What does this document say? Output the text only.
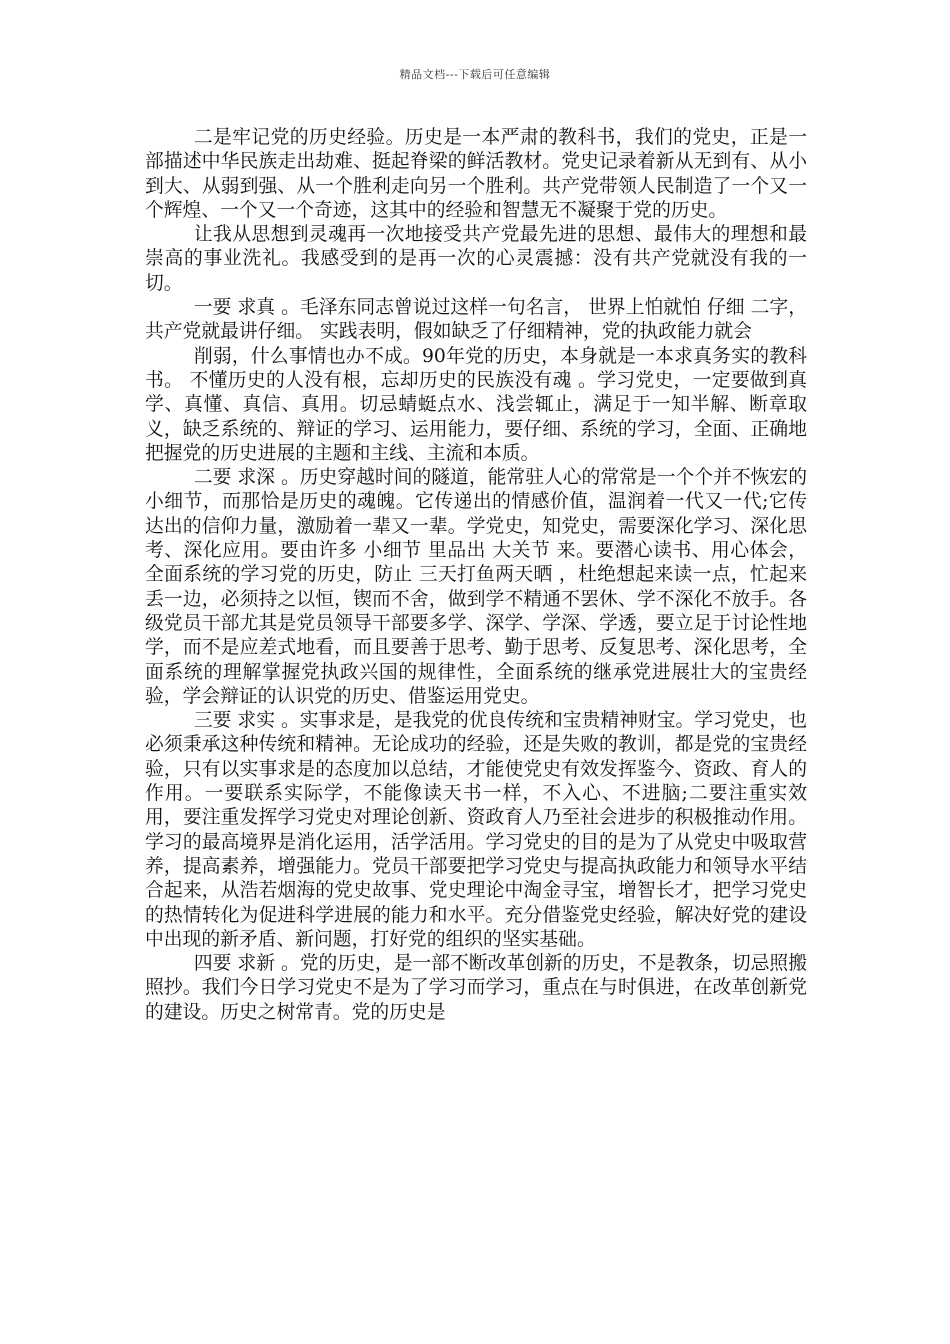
精品文档---下载后可任意编辑

二是牢记党的历史经验。历史是一本严肃的教科书，我们的党史，正是一部描述中华民族走出劫难、挺起脊梁的鲜活教材。党史记录着新从无到有、从小到大、从弱到强、从一个胜利走向另一个胜利。共产党带领人民制造了一个又一个辉煌、一个又一个奇迹，这其中的经验和智慧无不凝聚于党的历史。

让我从思想到灵魂再一次地接受共产党最先进的思想、最伟大的理想和最崇高的事业洗礼。我感受到的是再一次的心灵震撼：没有共产党就没有我的一切。

一要 求真 。毛泽东同志曾说过这样一句名言， 世界上怕就怕 仔细 二字，共产党就最讲仔细。 实践表明，假如缺乏了仔细精神，党的执政能力就会

削弱，什么事情也办不成。90年党的历史，本身就是一本求真务实的教科书。 不懂历史的人没有根，忘却历史的民族没有魂 。学习党史，一定要做到真学、真懂、真信、真用。切忌蜻蜓点水、浅尝辄止，满足于一知半解、断章取义，缺乏系统的、辩证的学习、运用能力，要仔细、系统的学习，全面、正确地把握党的历史进展的主题和主线、主流和本质。

二要 求深 。历史穿越时间的隧道，能常驻人心的常常是一个个并不恢宏的小细节，而那恰是历史的魂魄。它传递出的情感价值，温润着一代又一代;它传达出的信仰力量，激励着一辈又一辈。学党史，知党史，需要深化学习、深化思考、深化应用。要由许多 小细节 里品出 大关节 来。要潜心读书、用心体会，全面系统的学习党的历史，防止 三天打鱼两天晒 ，杜绝想起来读一点，忙起来丢一边，必须持之以恒，锲而不舍，做到学不精通不罢休、学不深化不放手。各级党员干部尤其是党员领导干部要多学、深学、学深、学透，要立足于讨论性地学，而不是应差式地看，而且要善于思考、勤于思考、反复思考、深化思考，全面系统的理解掌握党执政兴国的规律性，全面系统的继承党进展壮大的宝贵经验，学会辩证的认识党的历史、借鉴运用党史。

三要 求实 。实事求是，是我党的优良传统和宝贵精神财宝。学习党史，也必须秉承这种传统和精神。无论成功的经验，还是失败的教训，都是党的宝贵经验，只有以实事求是的态度加以总结，才能使党史有效发挥鉴今、资政、育人的作用。一要联系实际学，不能像读天书一样，不入心、不进脑;二要注重实效用，要注重发挥学习党史对理论创新、资政育人乃至社会进步的积极推动作用。学习的最高境界是消化运用，活学活用。学习党史的目的是为了从党史中吸取营养，提高素养，增强能力。党员干部要把学习党史与提高执政能力和领导水平结合起来，从浩若烟海的党史故事、党史理论中淘金寻宝，增智长才，把学习党史的热情转化为促进科学进展的能力和水平。充分借鉴党史经验，解决好党的建设中出现的新矛盾、新问题，打好党的组织的坚实基础。

四要 求新 。党的历史，是一部不断改革创新的历史，不是教条，切忌照搬照抄。我们今日学习党史不是为了学习而学习，重点在与时俱进，在改革创新党的建设。历史之树常青。党的历史是
